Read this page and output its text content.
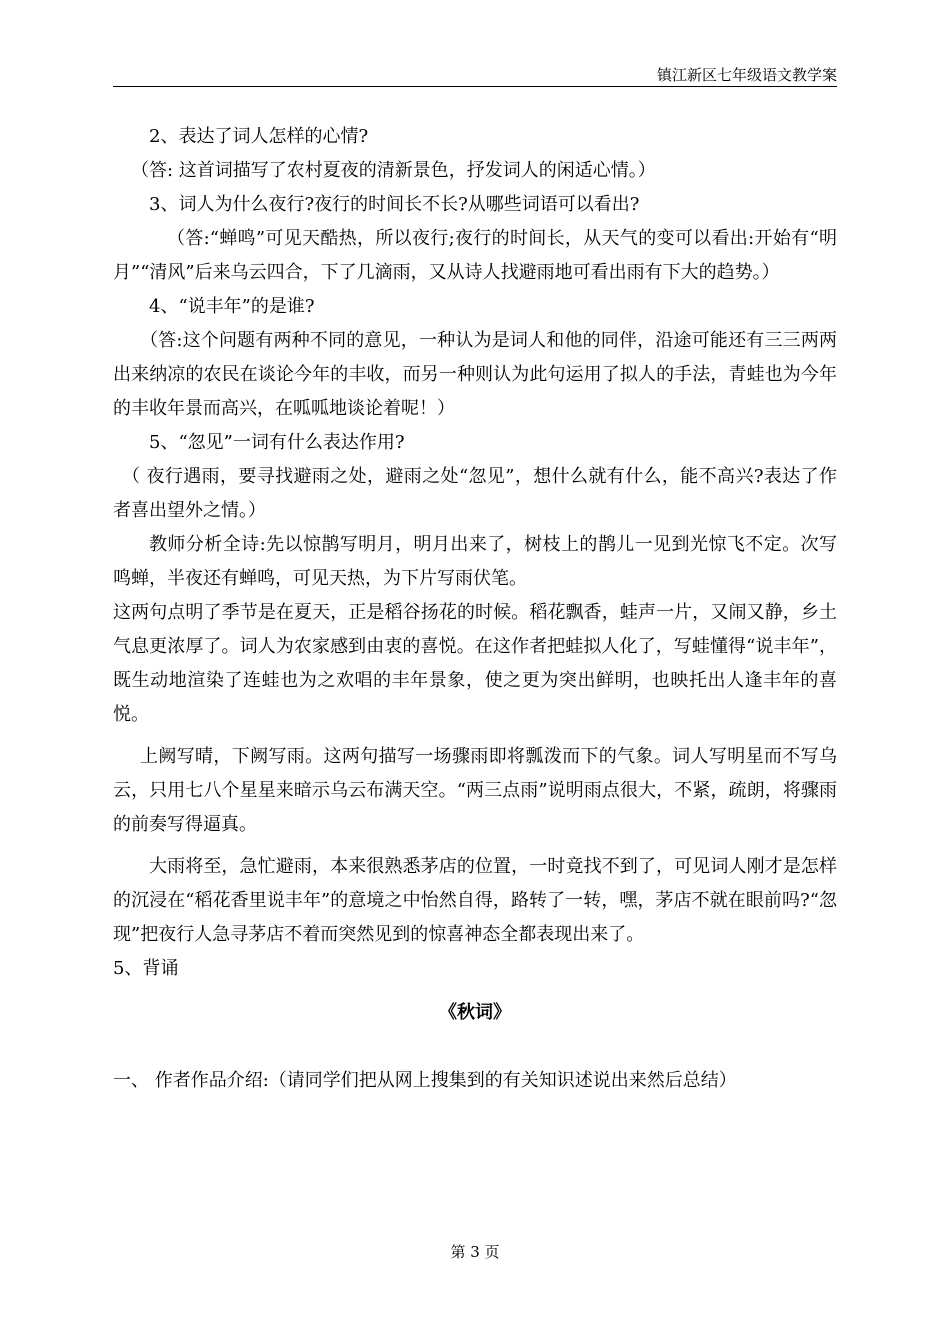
镇江新区七年级语文教学案

2、表达了词人怎样的心情?

（答: 这首词描写了农村夏夜的清新景色，抒发词人的闲适心情。）

3、词人为什么夜行?夜行的时间长不长?从哪些词语可以看出?

（答:“蝉鸣”可见天酷热，所以夜行;夜行的时间长，从天气的变可以看出:开始有“明月”“清风”后来乌云四合，下了几滴雨，又从诗人找避雨地可看出雨有下大的趋势。）

4、“说丰年”的是谁?

（答:这个问题有两种不同的意见，一种认为是词人和他的同伴，沿途可能还有三三两两出来纳凉的农民在谈论今年的丰收，而另一种则认为此句运用了拟人的手法，青蛙也为今年的丰收年景而高兴，在呱呱地谈论着呢！）

5、“忽见”一词有什么表达作用?

（ 夜行遇雨，要寻找避雨之处，避雨之处“忽见”，想什么就有什么，能不高兴?表达了作者喜出望外之情。）

教师分析全诗:先以惊鹊写明月，明月出来了，树枝上的鹊儿一见到光惊飞不定。次写鸣蝉，半夜还有蝉鸣，可见天热，为下片写雨伏笔。

这两句点明了季节是在夏天，正是稻谷扬花的时候。稻花飘香，蛙声一片，又闹又静，乡土气息更浓厚了。词人为农家感到由衷的喜悦。在这作者把蛙拟人化了，写蛙懂得“说丰年”，既生动地渲染了连蛙也为之欢唱的丰年景象，使之更为突出鲜明，也映托出人逢丰年的喜悦。

上阙写晴，下阙写雨。这两句描写一场骤雨即将瓢泼而下的气象。词人写明星而不写乌云，只用七八个星星来暗示乌云布满天空。“两三点雨”说明雨点很大，不紧，疏朗，将骤雨的前奏写得逼真。

大雨将至，急忙避雨，本来很熟悉茅店的位置，一时竟找不到了，可见词人刚才是怎样的沉浸在“稻花香里说丰年”的意境之中怡然自得，路转了一转，嘿，茅店不就在眼前吗?“忽现”把夜行人急寻茅店不着而突然见到的惊喜神态全都表现出来了。

5、背诵

《秋词》

一、 作者作品介绍:（请同学们把从网上搜集到的有关知识述说出来然后总结）

第 3 页
